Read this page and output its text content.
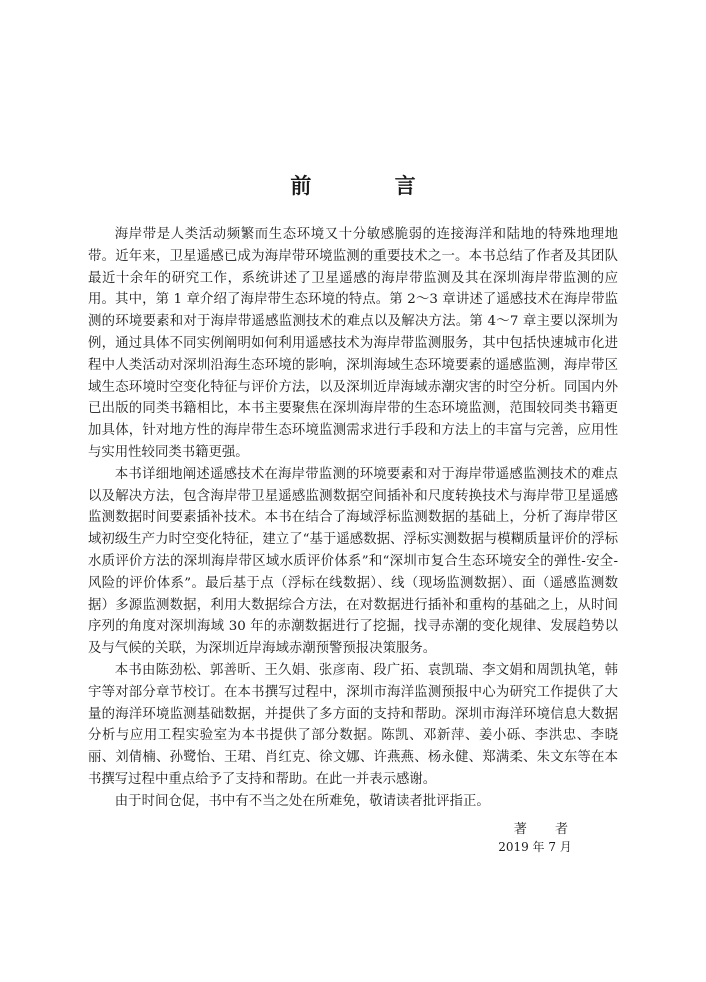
前 言

海岸带是人类活动频繁而生态环境又十分敏感脆弱的连接海洋和陆地的特殊地理地带。近年来，卫星遥感已成为海岸带环境监测的重要技术之一。本书总结了作者及其团队最近十余年的研究工作，系统讲述了卫星遥感的海岸带监测及其在深圳海岸带监测的应用。其中，第 1 章介绍了海岸带生态环境的特点。第 2～3 章讲述了遥感技术在海岸带监测的环境要素和对于海岸带遥感监测技术的难点以及解决方法。第 4～7 章主要以深圳为例，通过具体不同实例阐明如何利用遥感技术为海岸带监测服务，其中包括快速城市化进程中人类活动对深圳沿海生态环境的影响，深圳海域生态环境要素的遥感监测，海岸带区域生态环境时空变化特征与评价方法，以及深圳近岸海域赤潮灾害的时空分析。同国内外已出版的同类书籍相比，本书主要聚焦在深圳海岸带的生态环境监测，范围较同类书籍更加具体，针对地方性的海岸带生态环境监测需求进行手段和方法上的丰富与完善，应用性与实用性较同类书籍更强。

本书详细地阐述遥感技术在海岸带监测的环境要素和对于海岸带遥感监测技术的难点以及解决方法，包含海岸带卫星遥感监测数据空间插补和尺度转换技术与海岸带卫星遥感监测数据时间要素插补技术。本书在结合了海域浮标监测数据的基础上，分析了海岸带区域初级生产力时空变化特征，建立了“基于遥感数据、浮标实测数据与模糊质量评价的浮标水质评价方法的深圳海岸带区域水质评价体系”和“深圳市复合生态环境安全的弹性-安全-风险的评价体系”。最后基于点（浮标在线数据）、线（现场监测数据）、面（遥感监测数据）多源监测数据，利用大数据综合方法，在对数据进行插补和重构的基础之上，从时间序列的角度对深圳海域 30 年的赤潮数据进行了挖掘，找寻赤潮的变化规律、发展趋势以及与气候的关联，为深圳近岸海域赤潮预警预报决策服务。

本书由陈劲松、郭善昕、王久娟、张彦南、段广拓、袁凯瑞、李文娟和周凯执笔，韩宇等对部分章节校订。在本书撰写过程中，深圳市海洋监测预报中心为研究工作提供了大量的海洋环境监测基础数据，并提供了多方面的支持和帮助。深圳市海洋环境信息大数据分析与应用工程实验室为本书提供了部分数据。陈凯、邓新萍、姜小砾、李洪忠、李晓丽、刘倩楠、孙鹭怡、王珺、肖红克、徐文娜、许燕燕、杨永健、郑满柔、朱文东等在本书撰写过程中重点给予了支持和帮助。在此一并表示感谢。

由于时间仓促，书中有不当之处在所难免，敬请读者批评指正。

著 者
2019 年 7 月
